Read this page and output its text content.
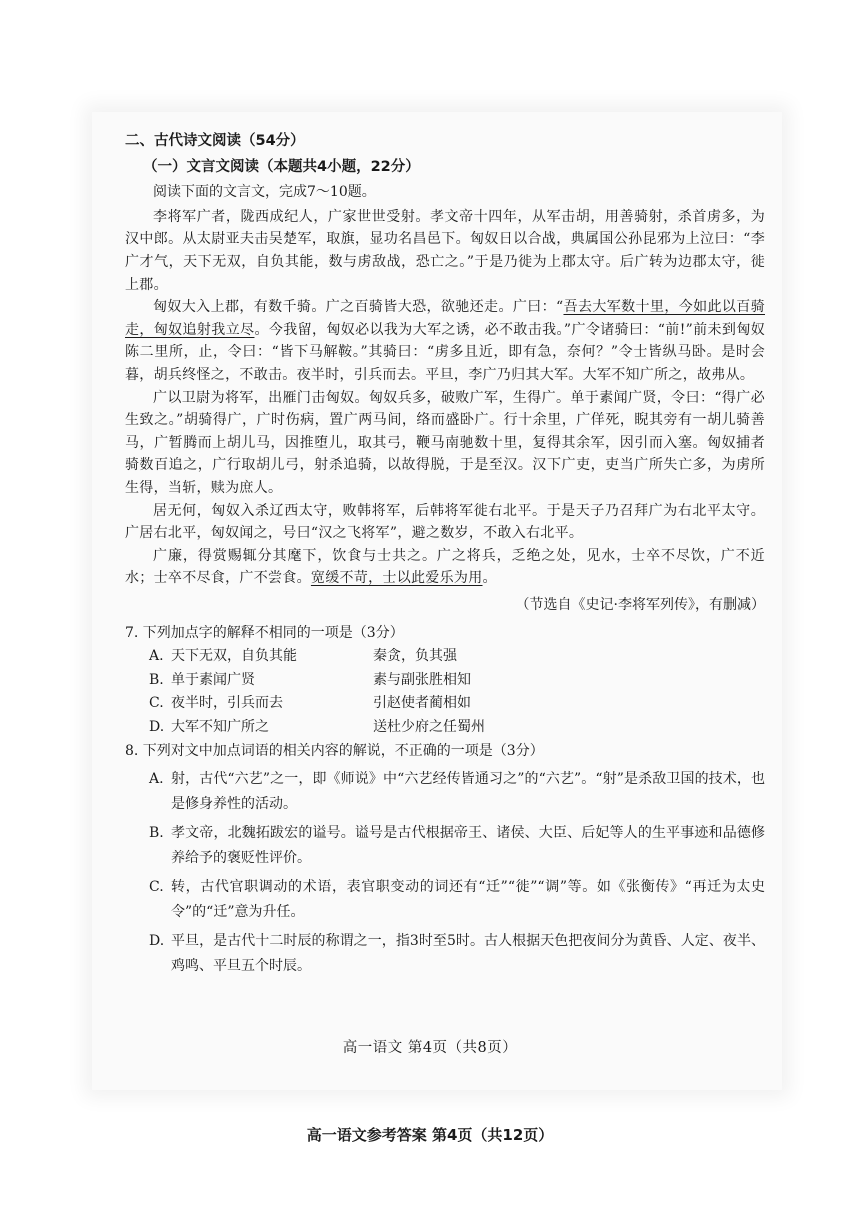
二、古代诗文阅读（54分）
（一）文言文阅读（本题共4小题，22分）
阅读下面的文言文，完成7～10题。

李将军广者，陇西成纪人，广家世世受射。孝文帝十四年，从军击胡，用善骑射，杀首虏多，为汉中郎。从太尉亚夫击吴楚军，取旗，显功名昌邑下。匈奴日以合战，典属国公孙昆邪为上泣曰：“李广才气，天下无双，自负其能，数与虏敌战，恐亡之。”于是乃徙为上郡太守。后广转为边郡太守，徙上郡。

匈奴大入上郡，有数千骑。广之百骑皆大恐，欲驰还走。广曰：“吾去大军数十里，今如此以百骑走，匈奴追射我立尽。今我留，匈奴必以我为大军之诱，必不敢击我。”广令诸骑曰：“前!”前未到匈奴陈二里所，止，令曰：“皆下马解鞍。”其骑曰：“虏多且近，即有急，奈何？”令士皆纵马卧。是时会暮，胡兵终怪之，不敢击。夜半时，引兵而去。平旦，李广乃归其大军。大军不知广所之，故弗从。

广以卫尉为将军，出雁门击匈奴。匈奴兵多，破败广军，生得广。单于素闻广贤，令曰：“得广必生致之。”胡骑得广，广时伤病，置广两马间，络而盛卧广。行十余里，广佯死，睨其旁有一胡儿骑善马，广暂腾而上胡儿马，因推堕儿，取其弓，鞭马南驰数十里，复得其余军，因引而入塞。匈奴捕者骑数百追之，广行取胡儿弓，射杀追骑，以故得脱，于是至汉。汉下广吏，吏当广所失亡多，为虏所生得，当斩，赎为庶人。

居无何，匈奴入杀辽西太守，败韩将军，后韩将军徙右北平。于是天子乃召拜广为右北平太守。广居右北平，匈奴闻之，号曰“汉之飞将军”，避之数岁，不敢入右北平。

广廉，得赏赐辄分其麾下，饮食与士共之。广之将兵，乏绝之处，见水，士卒不尽饮，广不近水；士卒不尽食，广不尝食。宽缓不苛，士以此爱乐为用。

（节选自《史记·李将军列传》，有删减）
7. 下列加点字的解释不相同的一项是（3分）
A. 天下无双，自负其能	秦贪，负其强
B. 单于素闻广贤	素与副张胜相知
C. 夜半时，引兵而去	引赵使者蔺相如
D. 大军不知广所之	送杜少府之任蜀州
8. 下列对文中加点词语的相关内容的解说，不正确的一项是（3分）
A. 射，古代“六艺”之一，即《师说》中“六艺经传皆通习之”的“六艺”。“射”是杀敌卫国的技术，也是修身养性的活动。
B. 孝文帝，北魏拓跋宏的谥号。谥号是古代根据帝王、诸侯、大臣、后妃等人的生平事迹和品德修养给予的褒贬性评价。
C. 转，古代官职调动的术语，表官职变动的词还有“迁”“徙”“调”等。如《张衡传》“再迁为太史令”的“迁”意为升任。
D. 平旦，是古代十二时辰的称谓之一，指3时至5时。古人根据天色把夜间分为黄昏、人定、夜半、鸡鸣、平旦五个时辰。
高一语文 第4页（共8页）
高一语文参考答案 第4页（共12页）
